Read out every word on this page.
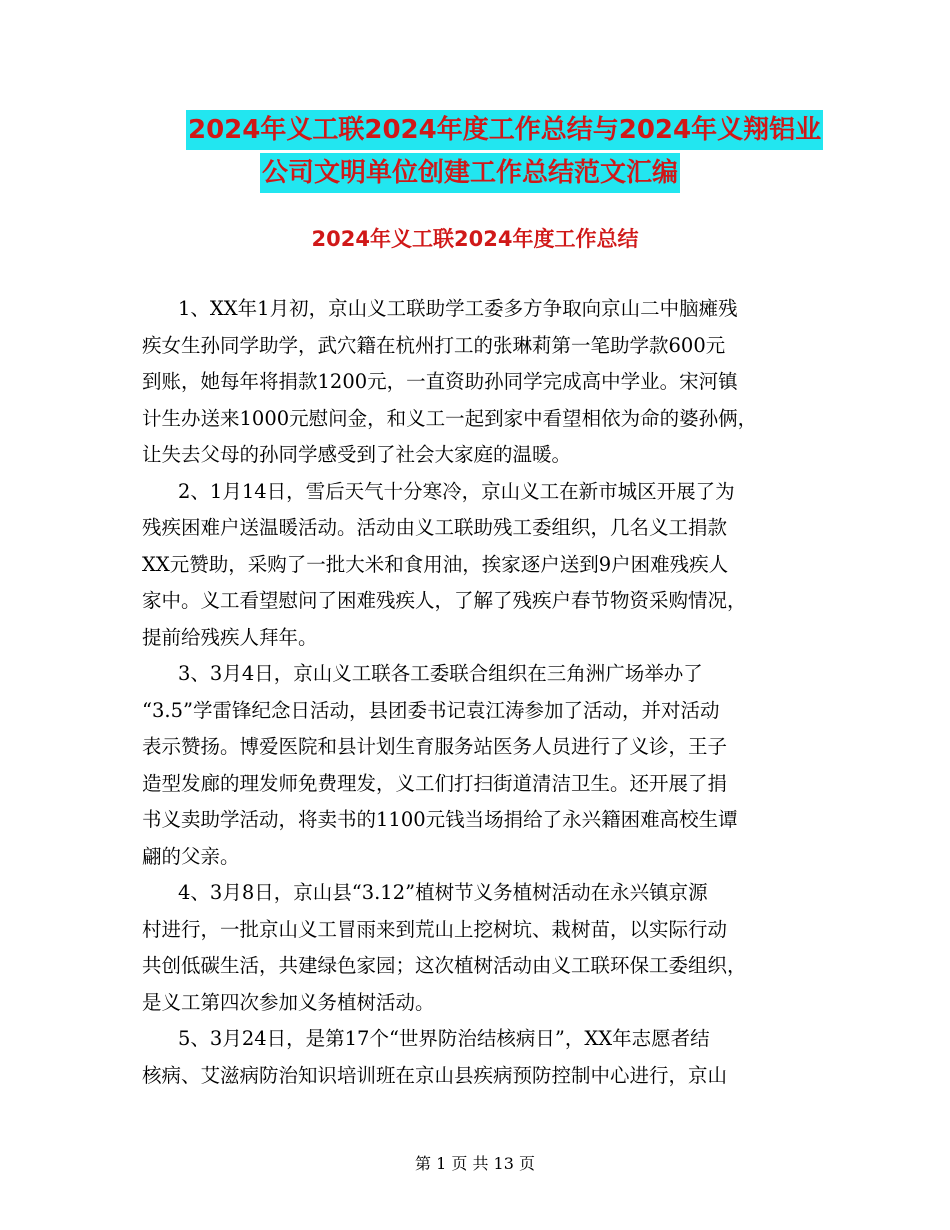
2024年义工联2024年度工作总结与2024年义翔铝业
公司文明单位创建工作总结范文汇编
2024年义工联2024年度工作总结

1、XX年1月初，京山义工联助学工委多方争取向京山二中脑瘫残

疾女生孙同学助学，武穴籍在杭州打工的张琳莉第一笔助学款600元

到账，她每年将捐款1200元，一直资助孙同学完成高中学业。宋河镇

计生办送来1000元慰问金，和义工一起到家中看望相依为命的婆孙俩，

让失去父母的孙同学感受到了社会大家庭的温暖。

2、1月14日，雪后天气十分寒冷，京山义工在新市城区开展了为

残疾困难户送温暖活动。活动由义工联助残工委组织，几名义工捐款

XX元赞助，采购了一批大米和食用油，挨家逐户送到9户困难残疾人

家中。义工看望慰问了困难残疾人，了解了残疾户春节物资采购情况，

提前给残疾人拜年。

3、3月4日，京山义工联各工委联合组织在三角洲广场举办了

“3.5”学雷锋纪念日活动，县团委书记袁江涛参加了活动，并对活动

表示赞扬。博爱医院和县计划生育服务站医务人员进行了义诊，王子

造型发廊的理发师免费理发，义工们打扫街道清洁卫生。还开展了捐

书义卖助学活动，将卖书的1100元钱当场捐给了永兴籍困难高校生谭

翩的父亲。

4、3月8日，京山县“3.12”植树节义务植树活动在永兴镇京源

村进行，一批京山义工冒雨来到荒山上挖树坑、栽树苗，以实际行动

共创低碳生活，共建绿色家园；这次植树活动由义工联环保工委组织，

是义工第四次参加义务植树活动。

5、3月24日，是第17个“世界防治结核病日”，XX年志愿者结

核病、艾滋病防治知识培训班在京山县疾病预防控制中心进行，京山

第 1 页 共 13 页
